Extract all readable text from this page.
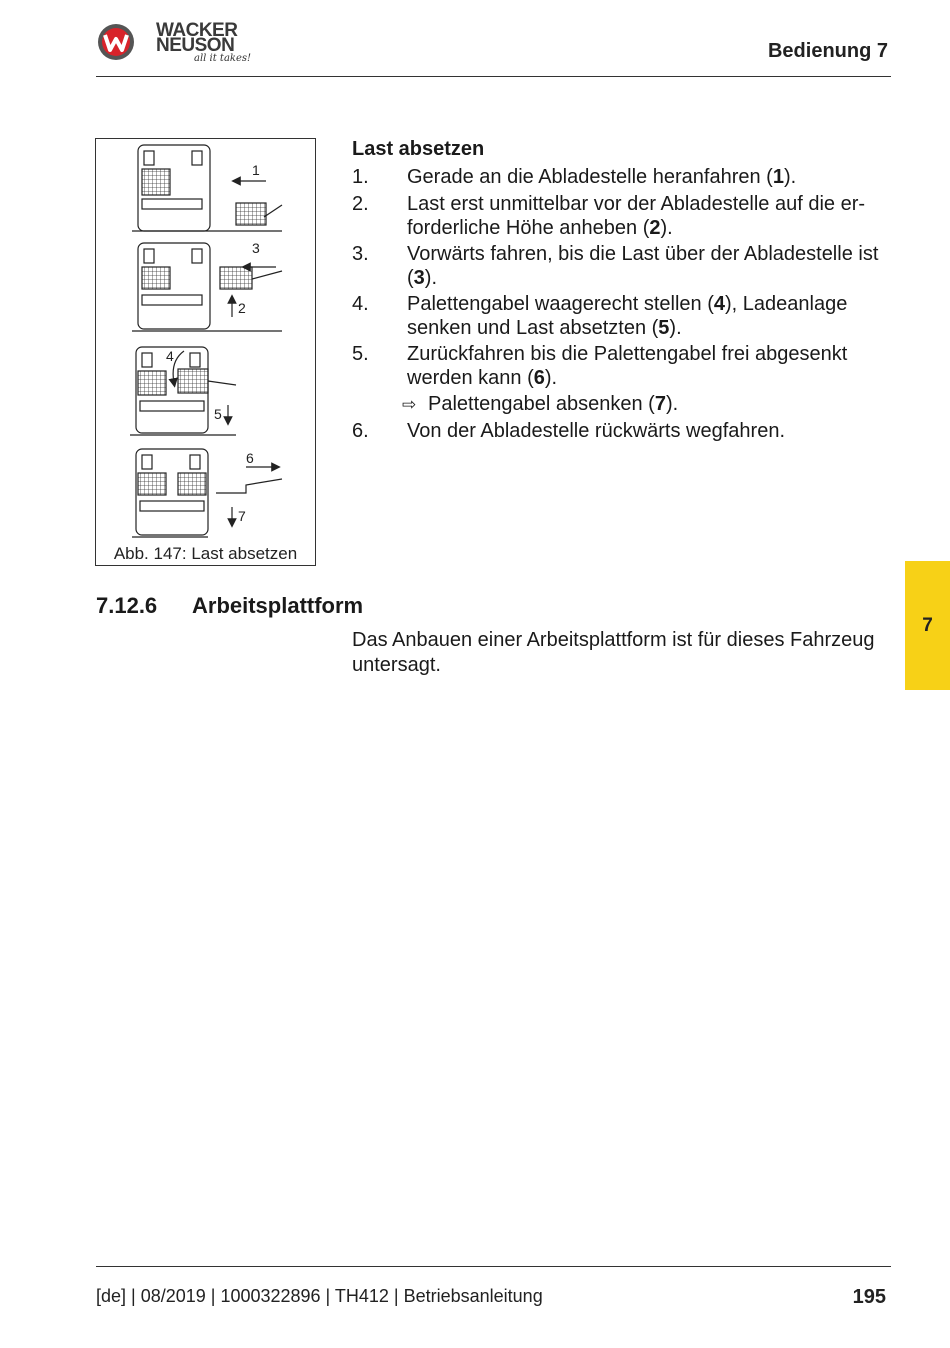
WACKER
NEUSON
all it takes!	Bedienung 7
1
3
2
4
5
6
7
Abb. 147: Last absetzen
Last absetzen
1. Gerade an die Abladestelle heranfahren (1).
2. Last erst unmittelbar vor der Abladestelle auf die er-forderliche Höhe anheben (2).
3. Vorwärts fahren, bis die Last über der Abladestelle ist (3).
4. Palettengabel waagerecht stellen (4), Ladeanlage senken und Last absetzten (5).
5. Zurückfahren bis die Palettengabel frei abgesenkt werden kann (6).
⇨ Palettengabel absenken (7).
6. Von der Abladestelle rückwärts wegfahren.
7.12.6 Arbeitsplattform
Das Anbauen einer Arbeitsplattform ist für dieses Fahrzeug untersagt.
7
[de] | 08/2019 | 1000322896 | TH412 | Betriebsanleitung	195
